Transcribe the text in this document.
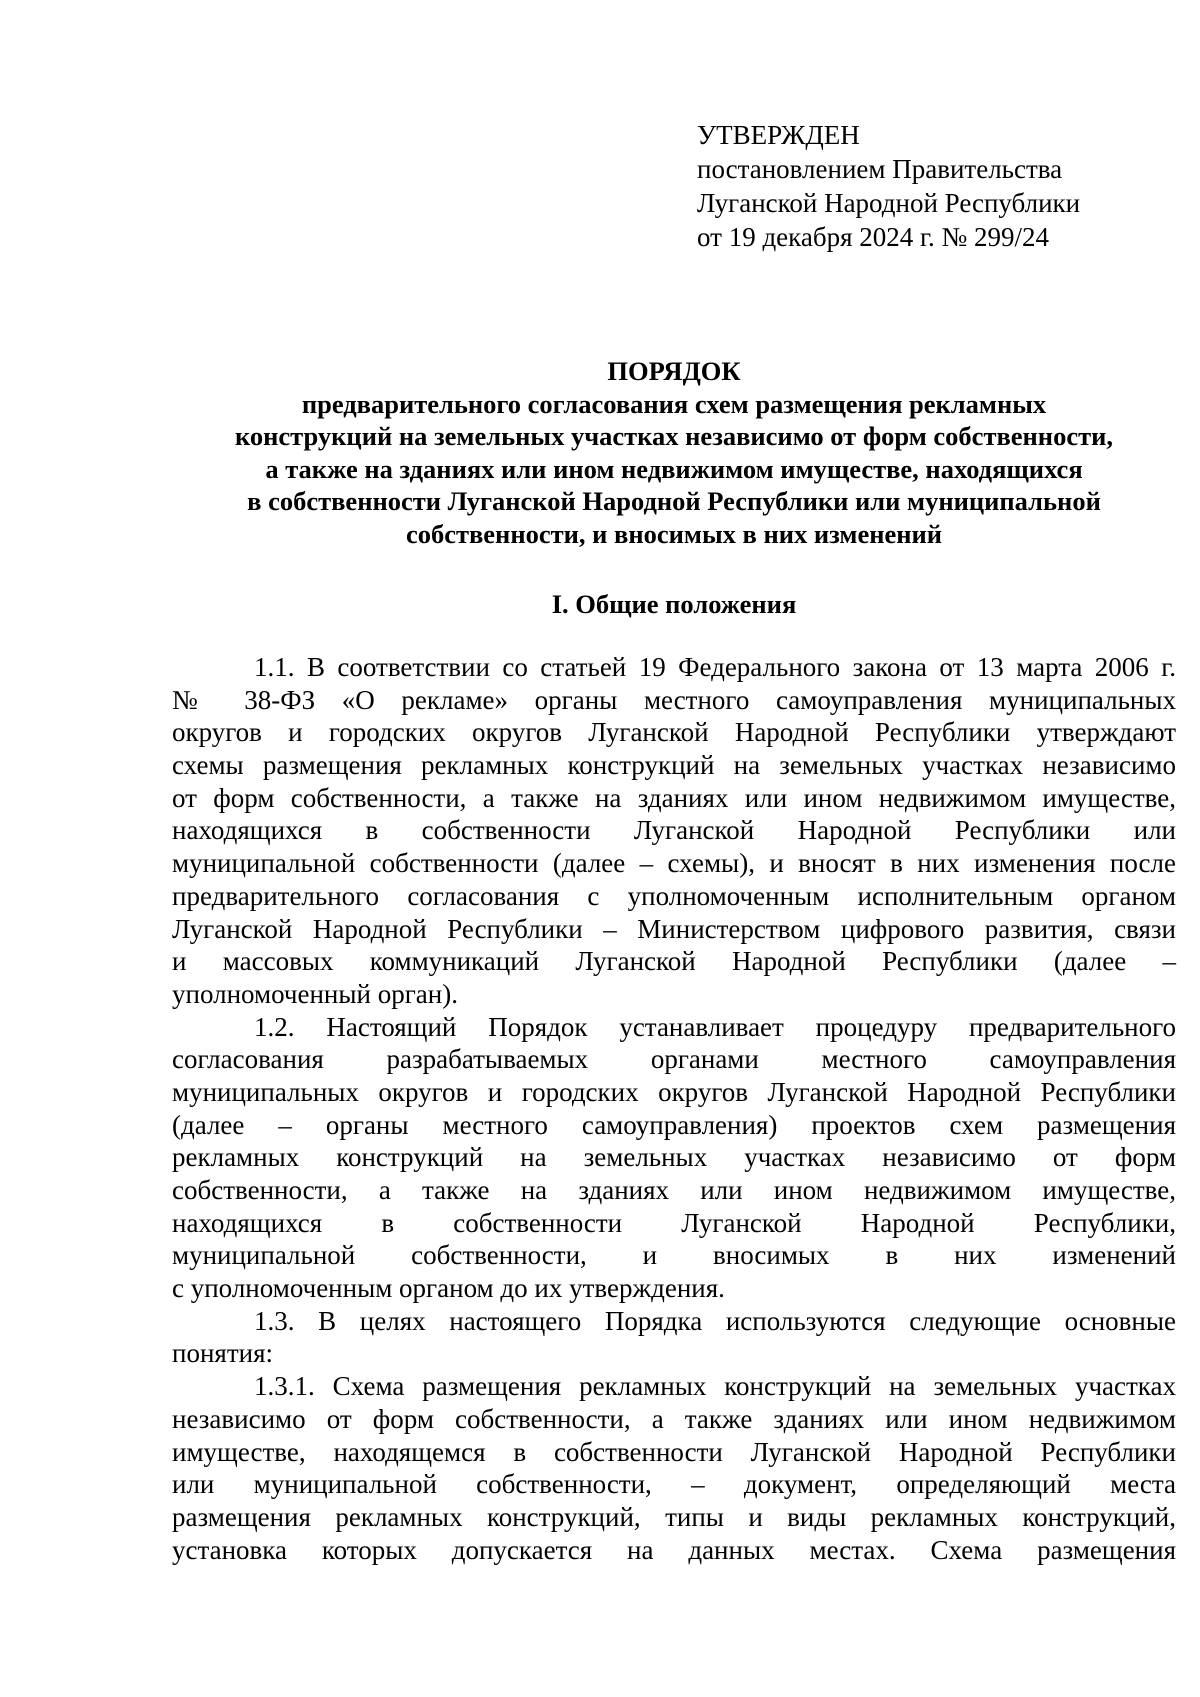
УТВЕРЖДЕН
постановлением Правительства
Луганской Народной Республики
от 19 декабря 2024 г. № 299/24
ПОРЯДОК
предварительного согласования схем размещения рекламных
конструкций на земельных участках независимо от форм собственности,
а также на зданиях или ином недвижимом имуществе, находящихся
в собственности Луганской Народной Республики или муниципальной
собственности, и вносимых в них изменений
I. Общие положения
1.1. В соответствии со статьей 19 Федерального закона от 13 марта 2006 г.
№ 38-ФЗ «О рекламе» органы местного самоуправления муниципальных
округов и городских округов Луганской Народной Республики утверждают
схемы размещения рекламных конструкций на земельных участках независимо
от форм собственности, а также на зданиях или ином недвижимом имуществе,
находящихся в собственности Луганской Народной Республики или
муниципальной собственности (далее – схемы), и вносят в них изменения после
предварительного согласования с уполномоченным исполнительным органом
Луганской Народной Республики – Министерством цифрового развития, связи
и массовых коммуникаций Луганской Народной Республики (далее –
уполномоченный орган).
1.2. Настоящий Порядок устанавливает процедуру предварительного
согласования разрабатываемых органами местного самоуправления
муниципальных округов и городских округов Луганской Народной Республики
(далее – органы местного самоуправления) проектов схем размещения
рекламных конструкций на земельных участках независимо от форм
собственности, а также на зданиях или ином недвижимом имуществе,
находящихся в собственности Луганской Народной Республики,
муниципальной собственности, и вносимых в них изменений
с уполномоченным органом до их утверждения.
1.3. В целях настоящего Порядка используются следующие основные
понятия:
1.3.1. Схема размещения рекламных конструкций на земельных участках
независимо от форм собственности, а также зданиях или ином недвижимом
имуществе, находящемся в собственности Луганской Народной Республики
или муниципальной собственности, – документ, определяющий места
размещения рекламных конструкций, типы и виды рекламных конструкций,
установка которых допускается на данных местах. Схема размещения
